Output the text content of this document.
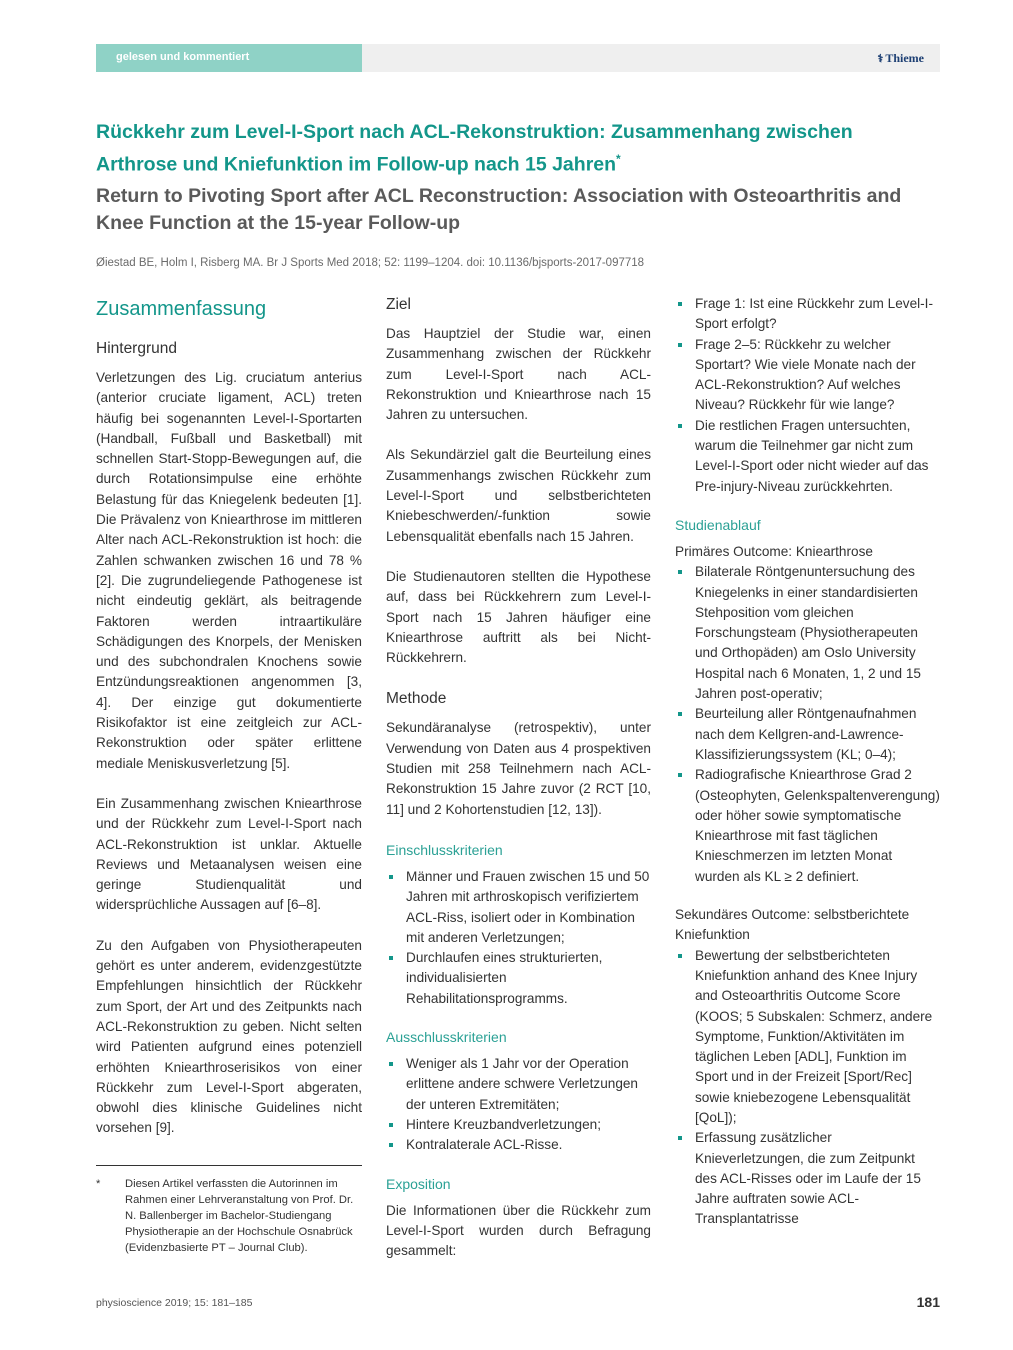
gelesen und kommentiert	⚕ Thieme
Rückkehr zum Level-I-Sport nach ACL-Rekonstruktion: Zusammenhang zwischen Arthrose und Kniefunktion im Follow-up nach 15 Jahren*
Return to Pivoting Sport after ACL Reconstruction: Association with Osteoarthritis and Knee Function at the 15-year Follow-up
Øiestad BE, Holm I, Risberg MA. Br J Sports Med 2018; 52: 1199–1204. doi: 10.1136/bjsports-2017-097718
Zusammenfassung
Hintergrund

Verletzungen des Lig. cruciatum anterius (anterior cruciate ligament, ACL) treten häufig bei sogenannten Level-I-Sportarten (Handball, Fußball und Basketball) mit schnellen Start-Stopp-Bewegungen auf, die durch Rotationsimpulse eine erhöhte Belastung für das Kniegelenk bedeuten [1]. Die Prävalenz von Kniearthrose im mittleren Alter nach ACL-Rekonstruktion ist hoch: die Zahlen schwanken zwischen 16 und 78 % [2]. Die zugrundeliegende Pathogenese ist nicht eindeutig geklärt, als beitragende Faktoren werden intraartikuläre Schädigungen des Knorpels, der Menisken und des subchondralen Knochens sowie Entzündungsreaktionen angenommen [3, 4]. Der einzige gut dokumentierte Risikofaktor ist eine zeitgleich zur ACL-Rekonstruktion oder später erlittene mediale Meniskusverletzung [5].

Ein Zusammenhang zwischen Kniearthrose und der Rückkehr zum Level-I-Sport nach ACL-Rekonstruktion ist unklar. Aktuelle Reviews und Metaanalysen weisen eine geringe Studienqualität und widersprüchliche Aussagen auf [6–8].

Zu den Aufgaben von Physiotherapeuten gehört es unter anderem, evidenzgestützte Empfehlungen hinsichtlich der Rückkehr zum Sport, der Art und des Zeitpunkts nach ACL-Rekonstruktion zu geben. Nicht selten wird Patienten aufgrund eines potenziell erhöhten Kniearthroserisikos von einer Rückkehr zum Level-I-Sport abgeraten, obwohl dies klinische Guidelines nicht vorsehen [9].

* Diesen Artikel verfassten die Autorinnen im Rahmen einer Lehrveranstaltung von Prof. Dr. N. Ballenberger im Bachelor-Studiengang Physiotherapie an der Hochschule Osnabrück (Evidenzbasierte PT – Journal Club).
Ziel

Das Hauptziel der Studie war, einen Zusammenhang zwischen der Rückkehr zum Level-I-Sport nach ACL-Rekonstruktion und Kniearthrose nach 15 Jahren zu untersuchen.

Als Sekundärziel galt die Beurteilung eines Zusammenhangs zwischen Rückkehr zum Level-I-Sport und selbstberichteten Kniebeschwerden/-funktion sowie Lebensqualität ebenfalls nach 15 Jahren.

Die Studienautoren stellten die Hypothese auf, dass bei Rückkehrern zum Level-I-Sport nach 15 Jahren häufiger eine Kniearthrose auftritt als bei Nicht-Rückkehrern.

Methode

Sekundäranalyse (retrospektiv), unter Verwendung von Daten aus 4 prospektiven Studien mit 258 Teilnehmern nach ACL-Rekonstruktion 15 Jahre zuvor (2 RCT [10, 11] und 2 Kohortenstudien [12, 13]).

Einschlusskriterien
Männer und Frauen zwischen 15 und 50 Jahren mit arthroskopisch verifiziertem ACL-Riss, isoliert oder in Kombination mit anderen Verletzungen;
Durchlaufen eines strukturierten, individualisierten Rehabilitationsprogramms.
Ausschlusskriterien
Weniger als 1 Jahr vor der Operation erlittene andere schwere Verletzungen der unteren Extremitäten;
Hintere Kreuzbandverletzungen;
Kontralaterale ACL-Risse.
Exposition

Die Informationen über die Rückkehr zum Level-I-Sport wurden durch Befragung gesammelt:

Frage 1: Ist eine Rückkehr zum Level-I-Sport erfolgt?
Frage 2–5: Rückkehr zu welcher Sportart? Wie viele Monate nach der ACL-Rekonstruktion? Auf welches Niveau? Rückkehr für wie lange?
Die restlichen Fragen untersuchten, warum die Teilnehmer gar nicht zum Level-I-Sport oder nicht wieder auf das Pre-injury-Niveau zurückkehrten.
Studienablauf
Primäres Outcome: Kniearthrose
Bilaterale Röntgenuntersuchung des Kniegelenks in einer standardisierten Stehposition vom gleichen Forschungsteam (Physiotherapeuten und Orthopäden) am Oslo University Hospital nach 6 Monaten, 1, 2 und 15 Jahren post-operativ;
Beurteilung aller Röntgenaufnahmen nach dem Kellgren-and-Lawrence-Klassifizierungssystem (KL; 0–4);
Radiografische Kniearthrose Grad 2 (Osteophyten, Gelenkspaltenverengung) oder höher sowie symptomatische Kniearthrose mit fast täglichen Knieschmerzen im letzten Monat wurden als KL ≥ 2 definiert.
Sekundäres Outcome: selbstberichtete Kniefunktion
Bewertung der selbstberichteten Kniefunktion anhand des Knee Injury and Osteoarthritis Outcome Score (KOOS; 5 Subskalen: Schmerz, andere Symptome, Funktion/Aktivitäten im täglichen Leben [ADL], Funktion im Sport und in der Freizeit [Sport/Rec] sowie kniebezogene Lebensqualität [QoL]);
Erfassung zusätzlicher Knieverletzungen, die zum Zeitpunkt des ACL-Risses oder im Laufe der 15 Jahre auftraten sowie ACL-Transplantatrisse
physioscience 2019; 15: 181–185	181
